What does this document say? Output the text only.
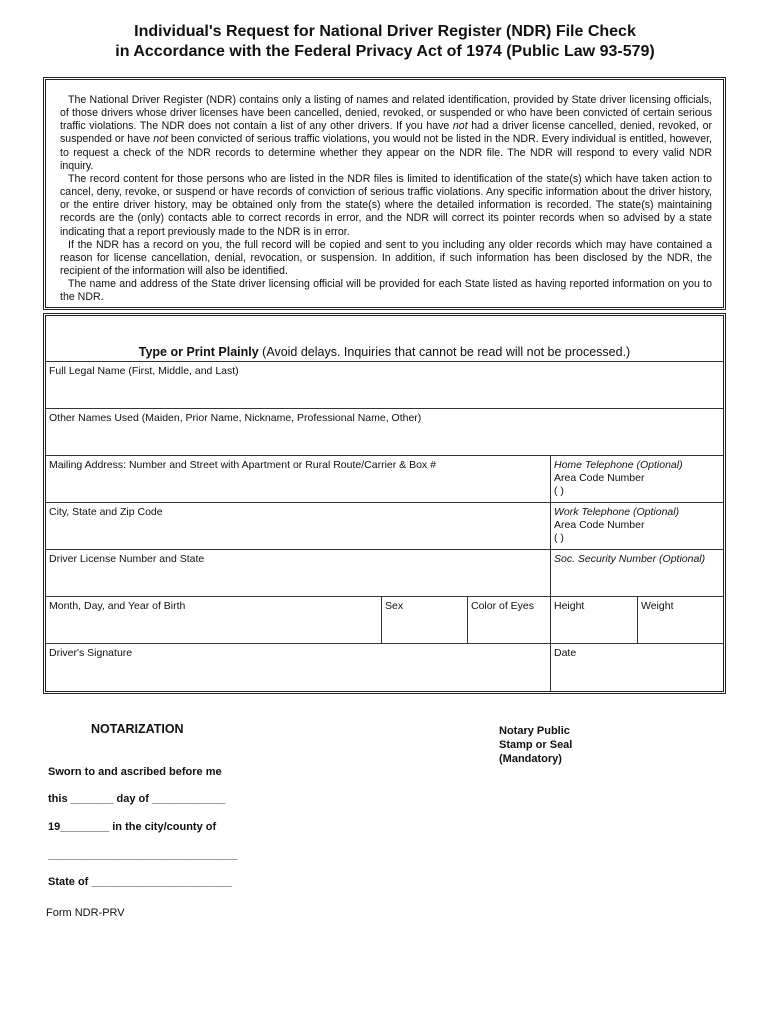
Individual's Request for National Driver Register (NDR) File Check
in Accordance with the Federal Privacy Act of 1974 (Public Law 93-579)

The National Driver Register (NDR) contains only a listing of names and related identification, provided by State driver licensing officials, of those drivers whose driver licenses have been cancelled, denied, revoked, or suspended or who have been convicted of certain serious traffic violations. The NDR does not contain a list of any other drivers. If you have not had a driver license cancelled, denied, revoked, or suspended or have not been convicted of serious traffic violations, you would not be listed in the NDR. Every individual is entitled, however, to request a check of the NDR records to determine whether they appear on the NDR file. The NDR will respond to every valid NDR inquiry.

The record content for those persons who are listed in the NDR files is limited to identification of the state(s) which have taken action to cancel, deny, revoke, or suspend or have records of conviction of serious traffic violations. Any specific information about the driver history, or the entire driver history, may be obtained only from the state(s) where the detailed information is recorded. The state(s) maintaining records are the (only) contacts able to correct records in error, and the NDR will correct its pointer records when so advised by a state indicating that a report previously made to the NDR is in error.

If the NDR has a record on you, the full record will be copied and sent to you including any older records which may have contained a reason for license cancellation, denial, revocation, or suspension. In addition, if such information has been disclosed by the NDR, the recipient of the information will also be identified.

The name and address of the State driver licensing official will be provided for each State listed as having reported information on you to the NDR.

Type or Print Plainly (Avoid delays. Inquiries that cannot be read will not be processed.)
Full Legal Name (First, Middle, and Last)
Other Names Used (Maiden, Prior Name, Nickname, Professional Name, Other)
Mailing Address: Number and Street with Apartment or Rural Route/Carrier & Box #	Home Telephone (Optional)
Area Code Number
( )
City, State and Zip Code	Work Telephone (Optional)
Area Code Number
( )
Driver License Number and State	Soc. Security Number (Optional)
Month, Day, and Year of Birth	Sex	Color of Eyes	Height	Weight
Driver's Signature	Date
NOTARIZATION
Sworn to and ascribed before me
this _______ day of ____________
19________ in the city/county of
_______________________________
State of _______________________
Notary Public
Stamp or Seal
(Mandatory)
Form NDR-PRV
